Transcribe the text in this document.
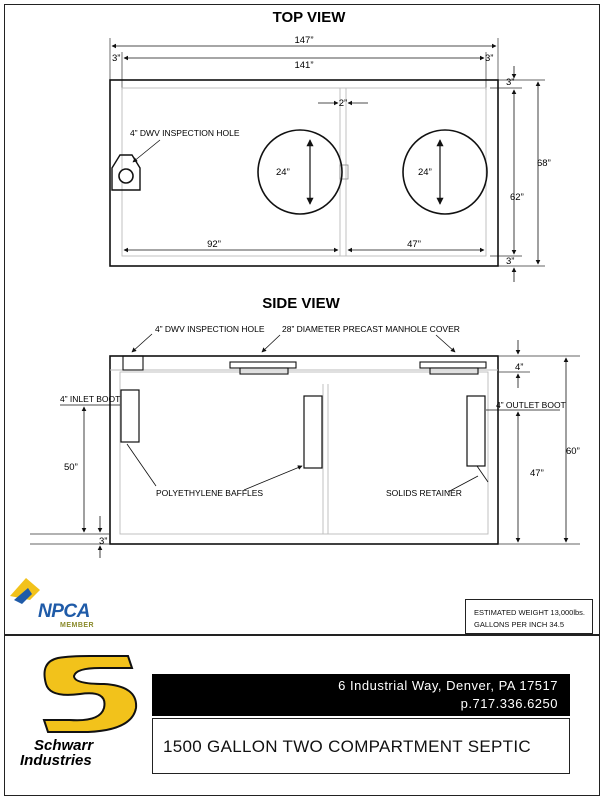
TOP VIEW
147”
141”
3”	3”
2”
24”	24”
4” DWV INSPECTION HOLE
92”	47”
68”
62”
3”
3”
SIDE VIEW
4” DWV INSPECTION HOLE 28” DIAMETER PRECAST MANHOLE COVER
4” INLET BOOT
4” OUTLET BOOT
POLYETHYLENE BAFFLES	SOLIDS RETAINER
50”
3”
4”
47”
60”
NPCA
MEMBER
ESTIMATED WEIGHT 13,000lbs.
GALLONS PER INCH 34.5
Schwarr
Industries
6 Industrial Way, Denver, PA 17517
p.717.336.6250
1500 GALLON TWO COMPARTMENT SEPTIC
